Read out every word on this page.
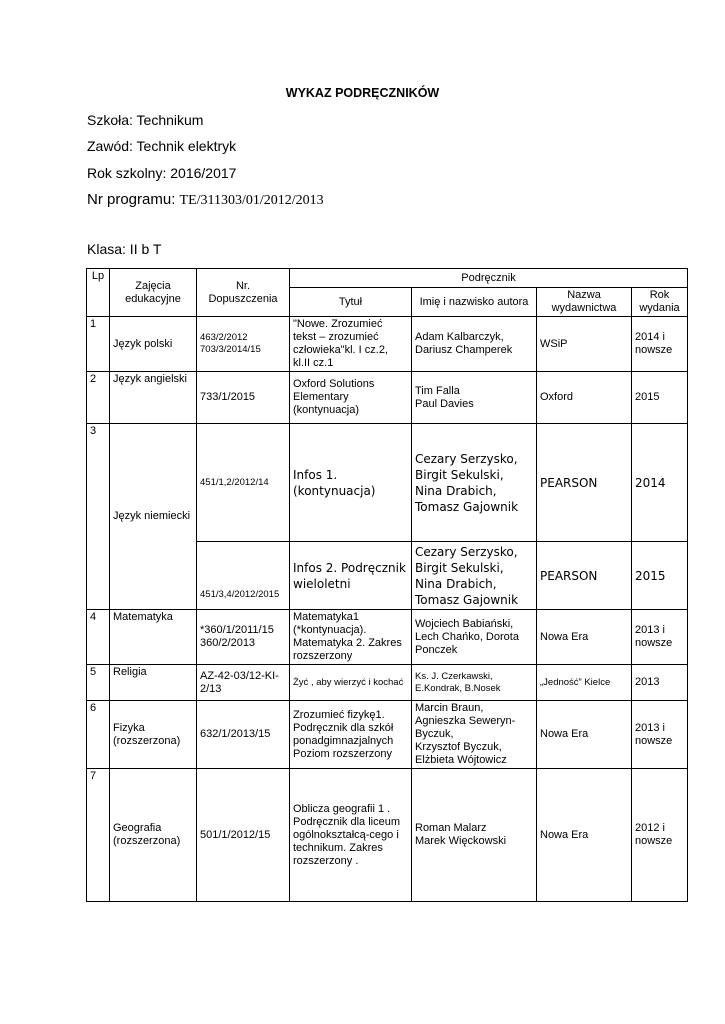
WYKAZ PODRĘCZNIKÓW
Szkoła: Technikum
Zawód: Technik elektryk
Rok szkolny: 2016/2017
Nr programu: TE/311303/01/2012/2013
Klasa: II b T
Lp	Zajęcia edukacyjne	Nr. Dopuszczenia	Podręcznik			
			Tytuł	Imię i nazwisko autora	Nazwa wydawnictwa	Rok wydania
1	Język polski	463/2/2012
703/3/2014/15	"Nowe. Zrozumieć tekst – zrozumieć człowieka"kl. I cz.2, kl.II cz.1	Adam Kalbarczyk,
Dariusz Champerek	WSiP	2014 i nowsze
2	Język angielski	733/1/2015	Oxford Solutions Elementary (kontynuacja)	Tim Falla
Paul Davies	Oxford	2015
3	Język niemiecki	451/1,2/2012/14	Infos 1.
(kontynuacja)	Cezary Serzysko,
Birgit Sekulski,
Nina Drabich,
Tomasz Gajownik	PEARSON	2014
		451/3,4/2012/2015	Infos 2. Podręcznik wieloletni	Cezary Serzysko,
Birgit Sekulski,
Nina Drabich,
Tomasz Gajownik	PEARSON	2015
4	Matematyka	*360/1/2011/15
360/2/2013	Matematyka1 (*kontynuacja).
Matematyka 2. Zakres rozszerzony	Wojciech Babiański,
Lech Chańko, Dorota Ponczek	Nowa Era	2013 i nowsze
5	Religia	AZ-42-03/12-KI-2/13	Żyć , aby wierzyć i kochać	Ks. J. Czerkawski,
E.Kondrak, B.Nosek	„Jedność” Kielce	2013
6	Fizyka (rozszerzona)	632/1/2013/15	Zrozumieć fizykę1. Podręcznik dla szkół ponadgimnazjalnych Poziom rozszerzony	Marcin Braun,
Agnieszka Seweryn-Byczuk,
Krzysztof Byczuk,
Elżbieta Wójtowicz	Nowa Era	2013 i nowsze
7	Geografia (rozszerzona)	501/1/2012/15	Oblicza geografii 1 . Podręcznik dla liceum ogólnokształcą-cego i technikum. Zakres rozszerzony .	Roman Malarz
Marek Więckowski	Nowa Era	2012 i nowsze
